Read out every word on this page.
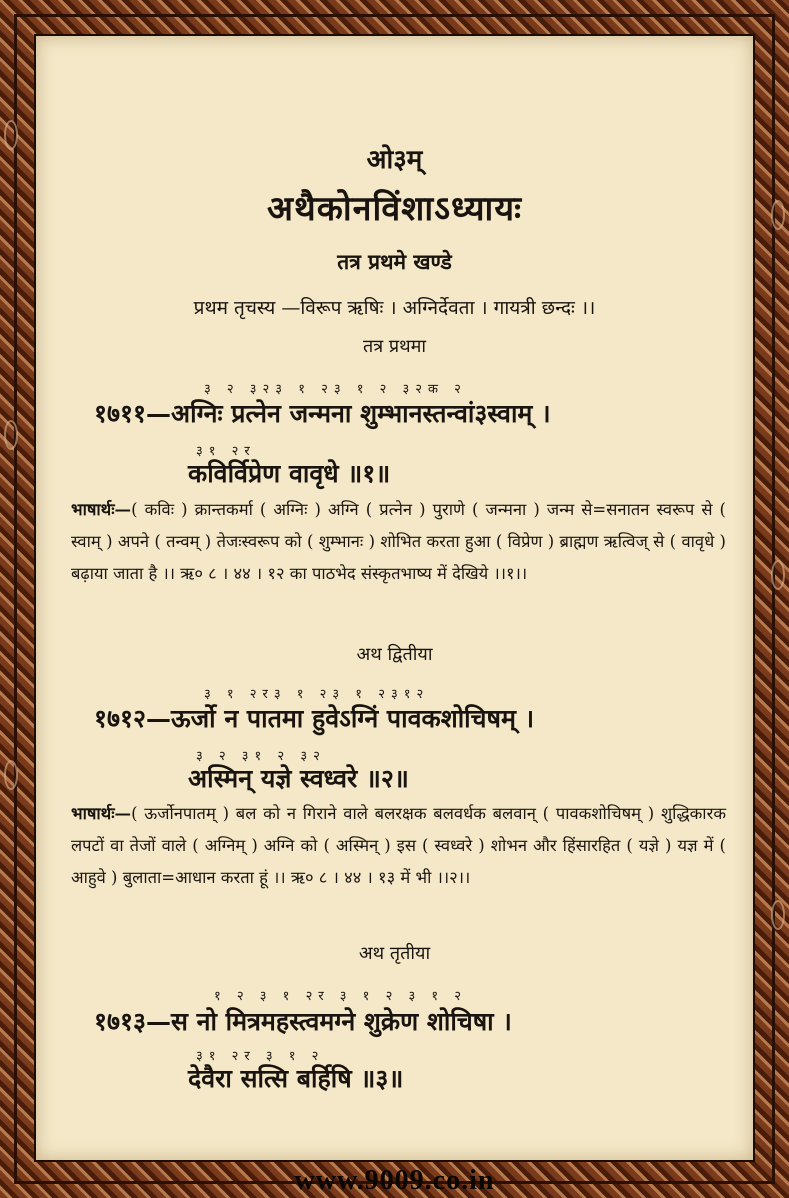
ओ३म्
अथैकोनविंशाऽध्यायः
तत्र प्रथमे खण्डे
प्रथम तृचस्य —विरूप ऋषिः । अग्निर्देवता । गायत्री छन्दः ।।
तत्र प्रथमा
३ २ ३२३ १ २३ १ २ ३२क २
१७११—अग्निः प्रत्नेन जन्मना शुम्भानस्तन्वां३स्वाम् ।
३१ २र
कविर्विप्रेण वावृधे ॥१॥
भाषार्थः—( कविः ) क्रान्तकर्मा ( अग्निः ) अग्नि ( प्रत्नेन ) पुराणे ( जन्मना ) जन्म से=सनातन स्वरूप से ( स्वाम् ) अपने ( तन्वम् ) तेजःस्वरूप को ( शुम्भानः ) शोभित करता हुआ ( विप्रेण ) ब्राह्मण ऋत्विज् से ( वावृधे ) बढ़ाया जाता है ।। ऋ० ८ । ४४ । १२ का पाठभेद संस्कृतभाष्य में देखिये ।।१।।
अथ द्वितीया
३ १ २र३ १ २३ १ २३१२
१७१२—ऊर्जो न पातमा हुवेऽग्निं पावकशोचिषम् ।
३ २ ३१ २ ३२
अस्मिन् यज्ञे स्वध्वरे ॥२॥
भाषार्थः—( ऊर्जोनपातम् ) बल को न गिराने वाले बलरक्षक बलवर्धक बलवान् ( पावकशोचिषम् ) शुद्धिकारक लपटों वा तेजों वाले ( अग्निम् ) अग्नि को ( अस्मिन् ) इस ( स्वध्वरे ) शोभन और हिंसारहित ( यज्ञे ) यज्ञ में ( आहुवे ) बुलाता=आधान करता हूं ।। ऋ० ८ । ४४ । १३ में भी ।।२।।
अथ तृतीया
१ २ ३ १ २र ३ १ २ ३ १ २
१७१३—स नो मित्रमहस्त्वमग्ने शुक्रेण शोचिषा ।
३१ २र ३ १ २
देवैरा सत्सि बर्हिषि ॥३॥
www.9009.co.in
